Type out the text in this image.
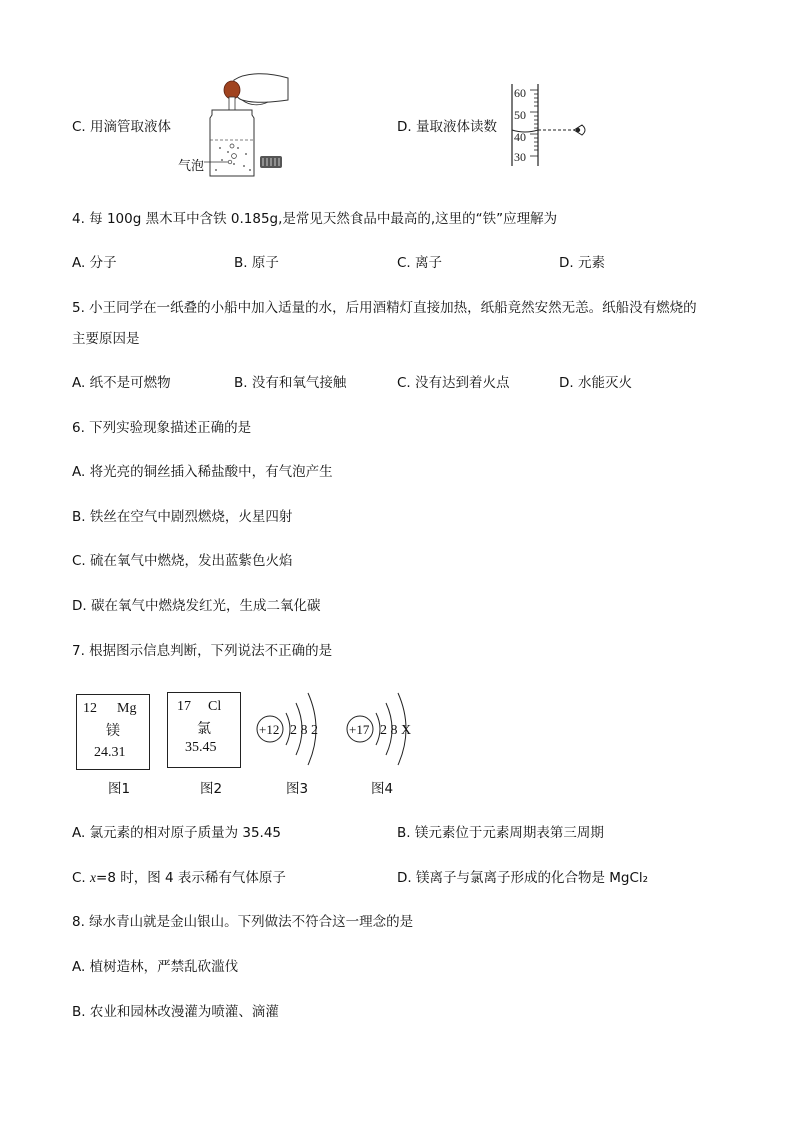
C. 用滴管取液体
气泡
D. 量取液体读数
60
50
40
30
4. 每 100g 黑木耳中含铁 0.185g,是常见天然食品中最高的,这里的“铁”应理解为
A. 分子	B. 原子	C. 离子	D. 元素
5. 小王同学在一纸叠的小船中加入适量的水，后用酒精灯直接加热，纸船竟然安然无恙。纸船没有燃烧的
主要原因是
A. 纸不是可燃物	B. 没有和氧气接触	C. 没有达到着火点	D. 水能灭火
6. 下列实验现象描述正确的是
A. 将光亮的铜丝插入稀盐酸中，有气泡产生
B. 铁丝在空气中剧烈燃烧，火星四射
C. 硫在氧气中燃烧，发出蓝紫色火焰
D. 碳在氧气中燃烧发红光，生成二氧化碳
7. 根据图示信息判断，下列说法不正确的是
12 Mg
镁
24.31
17 Cl
氯
35.45
+12 2 8 2 +17 2 8 X
图1	图2	图3	图4
A. 氯元素的相对原子质量为 35.45	B. 镁元素位于元素周期表第三周期
C. x=8 时，图 4 表示稀有气体原子	D. 镁离子与氯离子形成的化合物是 MgCl₂
8. 绿水青山就是金山银山。下列做法不符合这一理念的是
A. 植树造林，严禁乱砍滥伐
B. 农业和园林改漫灌为喷灌、滴灌
